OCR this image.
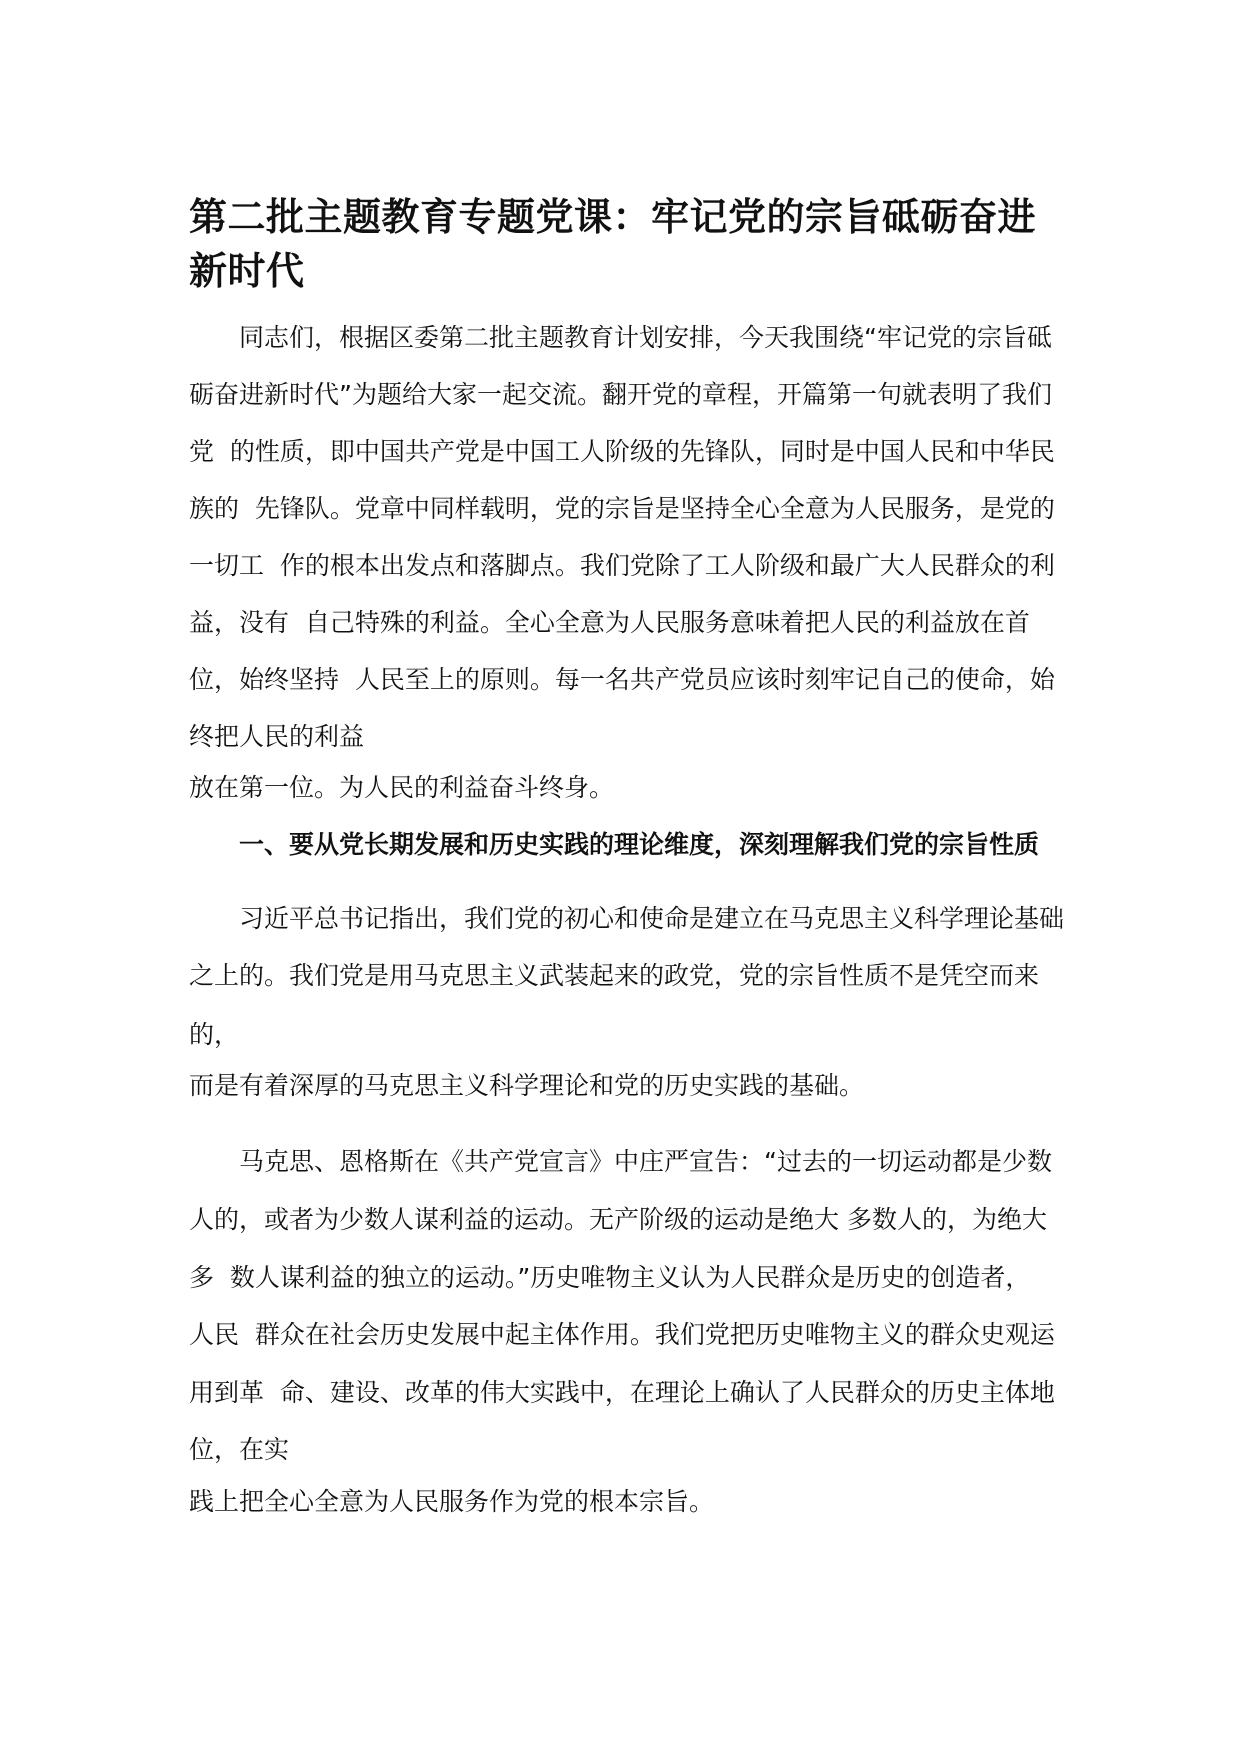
第二批主题教育专题党课：牢记党的宗旨砥砺奋进新时代

同志们，根据区委第二批主题教育计划安排，今天我围绕“牢记党的宗旨砥

砺奋进新时代”为题给大家一起交流。翻开党的章程，开篇第一句就表明了我们

党  的性质，即中国共产党是中国工人阶级的先锋队，同时是中国人民和中华民

族的  先锋队。党章中同样载明，党的宗旨是坚持全心全意为人民服务，是党的

一切工  作的根本出发点和落脚点。我们党除了工人阶级和最广大人民群众的利

益，没有  自己特殊的利益。全心全意为人民服务意味着把人民的利益放在首

位，始终坚持  人民至上的原则。每一名共产党员应该时刻牢记自己的使命，始

终把人民的利益

放在第一位。为人民的利益奋斗终身。

一、要从党长期发展和历史实践的理论维度，深刻理解我们党的宗旨性质

习近平总书记指出，我们党的初心和使命是建立在马克思主义科学理论基础

之上的。我们党是用马克思主义武装起来的政党，党的宗旨性质不是凭空而来

的，

而是有着深厚的马克思主义科学理论和党的历史实践的基础。

马克思、恩格斯在《共产党宣言》中庄严宣告：“过去的一切运动都是少数

人的，或者为少数人谋利益的运动。无产阶级的运动是绝大 多数人的，为绝大

多  数人谋利益的独立的运动。”历史唯物主义认为人民群众是历史的创造者，

人民  群众在社会历史发展中起主体作用。我们党把历史唯物主义的群众史观运

用到革  命、建设、改革的伟大实践中，在理论上确认了人民群众的历史主体地

位，在实

践上把全心全意为人民服务作为党的根本宗旨。
